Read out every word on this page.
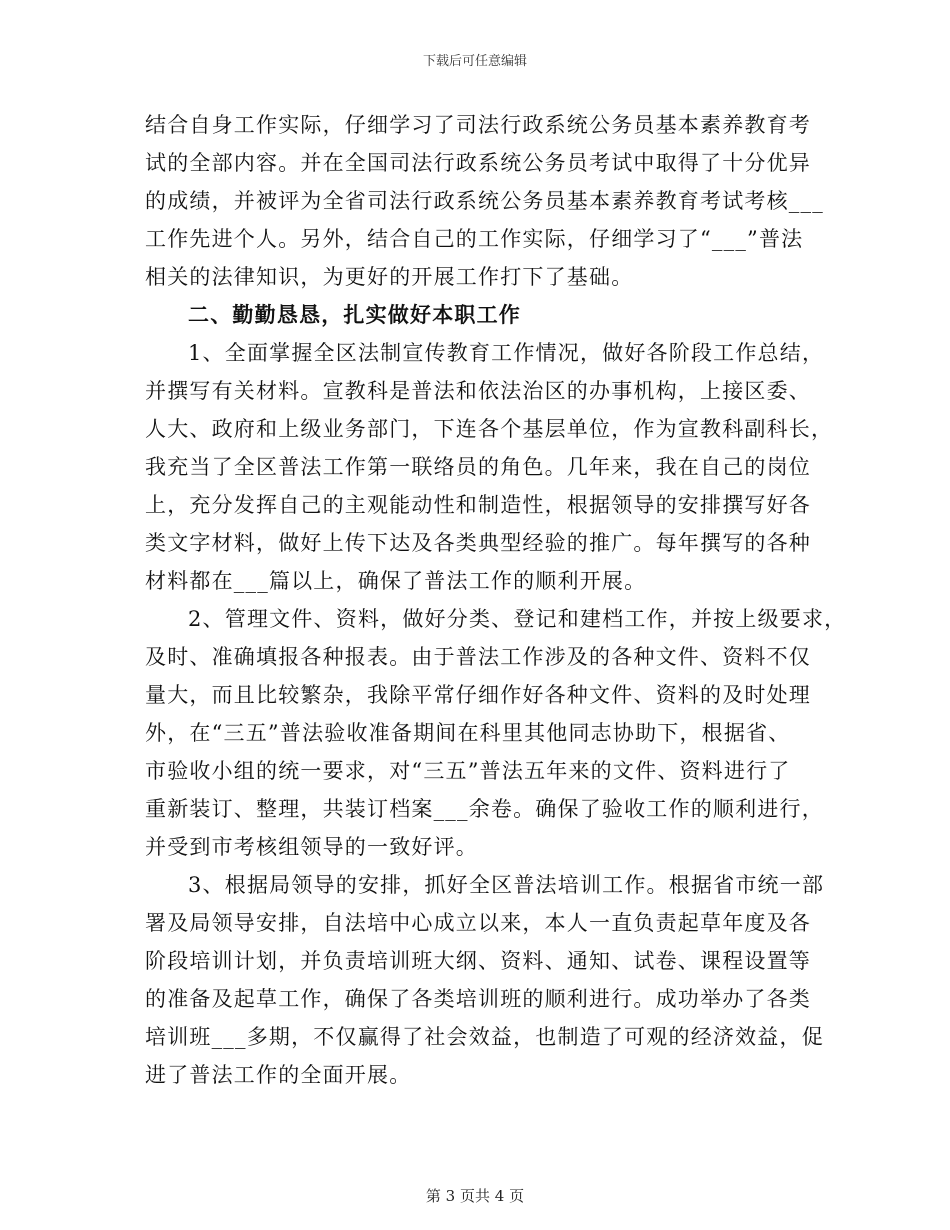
下载后可任意编辑
结合自身工作实际，仔细学习了司法行政系统公务员基本素养教育考
试的全部内容。并在全国司法行政系统公务员考试中取得了十分优异
的成绩，并被评为全省司法行政系统公务员基本素养教育考试考核___
工作先进个人。另外，结合自己的工作实际，仔细学习了“___”普法
相关的法律知识，为更好的开展工作打下了基础。
二、勤勤恳恳，扎实做好本职工作
1、全面掌握全区法制宣传教育工作情况，做好各阶段工作总结，
并撰写有关材料。宣教科是普法和依法治区的办事机构，上接区委、
人大、政府和上级业务部门，下连各个基层单位，作为宣教科副科长，
我充当了全区普法工作第一联络员的角色。几年来，我在自己的岗位
上，充分发挥自己的主观能动性和制造性，根据领导的安排撰写好各
类文字材料，做好上传下达及各类典型经验的推广。每年撰写的各种
材料都在___篇以上，确保了普法工作的顺利开展。
2、管理文件、资料，做好分类、登记和建档工作，并按上级要求，
及时、准确填报各种报表。由于普法工作涉及的各种文件、资料不仅
量大，而且比较繁杂，我除平常仔细作好各种文件、资料的及时处理
外，在“三五”普法验收准备期间在科里其他同志协助下，根据省、
市验收小组的统一要求，对“三五”普法五年来的文件、资料进行了
重新装订、整理，共装订档案___余卷。确保了验收工作的顺利进行，
并受到市考核组领导的一致好评。
3、根据局领导的安排，抓好全区普法培训工作。根据省市统一部
署及局领导安排，自法培中心成立以来，本人一直负责起草年度及各
阶段培训计划，并负责培训班大纲、资料、通知、试卷、课程设置等
的准备及起草工作，确保了各类培训班的顺利进行。成功举办了各类
培训班___多期，不仅赢得了社会效益，也制造了可观的经济效益，促
进了普法工作的全面开展。
第 3 页共 4 页
